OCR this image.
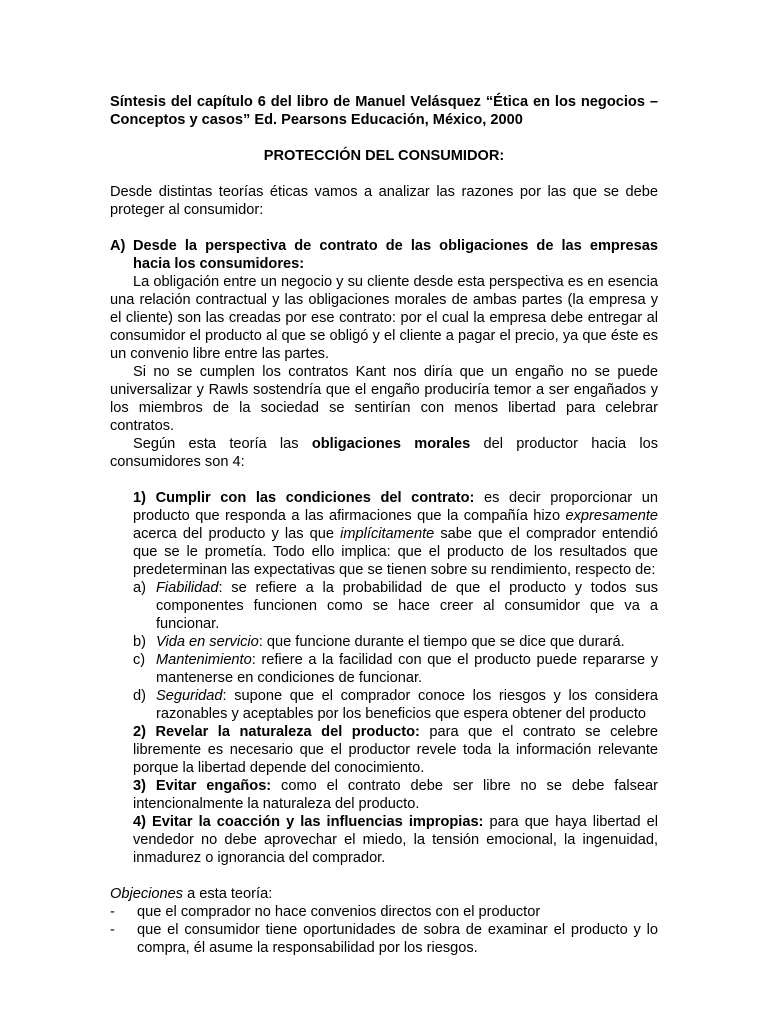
Síntesis del capítulo 6 del libro de Manuel Velásquez “Ética en los negocios – Conceptos y casos” Ed. Pearsons Educación, México, 2000

PROTECCIÓN DEL CONSUMIDOR:

Desde distintas teorías éticas vamos a analizar las razones por las que se debe proteger al consumidor:

A) Desde la perspectiva de contrato de las obligaciones de las empresas hacia los consumidores:

La obligación entre un negocio y su cliente desde esta perspectiva es en esencia una relación contractual y las obligaciones morales de ambas partes (la empresa y el cliente) son las creadas por ese contrato: por el cual la empresa debe entregar al consumidor el producto al que se obligó y el cliente a pagar el precio, ya que éste es un convenio libre entre las partes.

Si no se cumplen los contratos Kant nos diría que un engaño no se puede universalizar y Rawls sostendría que el engaño produciría temor a ser engañados y los miembros de la sociedad se sentirían con menos libertad para celebrar contratos.

Según esta teoría las obligaciones morales del productor hacia los consumidores son 4:

1) Cumplir con las condiciones del contrato: es decir proporcionar un producto que responda a las afirmaciones que la compañía hizo expresamente acerca del producto y las que implícitamente sabe que el comprador entendió que se le prometía. Todo ello implica: que el producto de los resultados que predeterminan las expectativas que se tienen sobre su rendimiento, respecto de:

a) Fiabilidad: se refiere a la probabilidad de que el producto y todos sus componentes funcionen como se hace creer al consumidor que va a funcionar.
b) Vida en servicio: que funcione durante el tiempo que se dice que durará.
c) Mantenimiento: refiere a la facilidad con que el producto puede repararse y mantenerse en condiciones de funcionar.
d) Seguridad: supone que el comprador conoce los riesgos y los considera razonables y aceptables por los beneficios que espera obtener del producto

2) Revelar la naturaleza del producto: para que el contrato se celebre libremente es necesario que el productor revele toda la información relevante porque la libertad depende del conocimiento.

3) Evitar engaños: como el contrato debe ser libre no se debe falsear intencionalmente la naturaleza del producto.

4) Evitar la coacción y las influencias impropias: para que haya libertad el vendedor no debe aprovechar el miedo, la tensión emocional, la ingenuidad, inmadurez o ignorancia del comprador.

Objeciones a esta teoría:

-	que el comprador no hace convenios directos con el productor
-	que el consumidor tiene oportunidades de sobra de examinar el producto y lo compra, él asume la responsabilidad por los riesgos.
